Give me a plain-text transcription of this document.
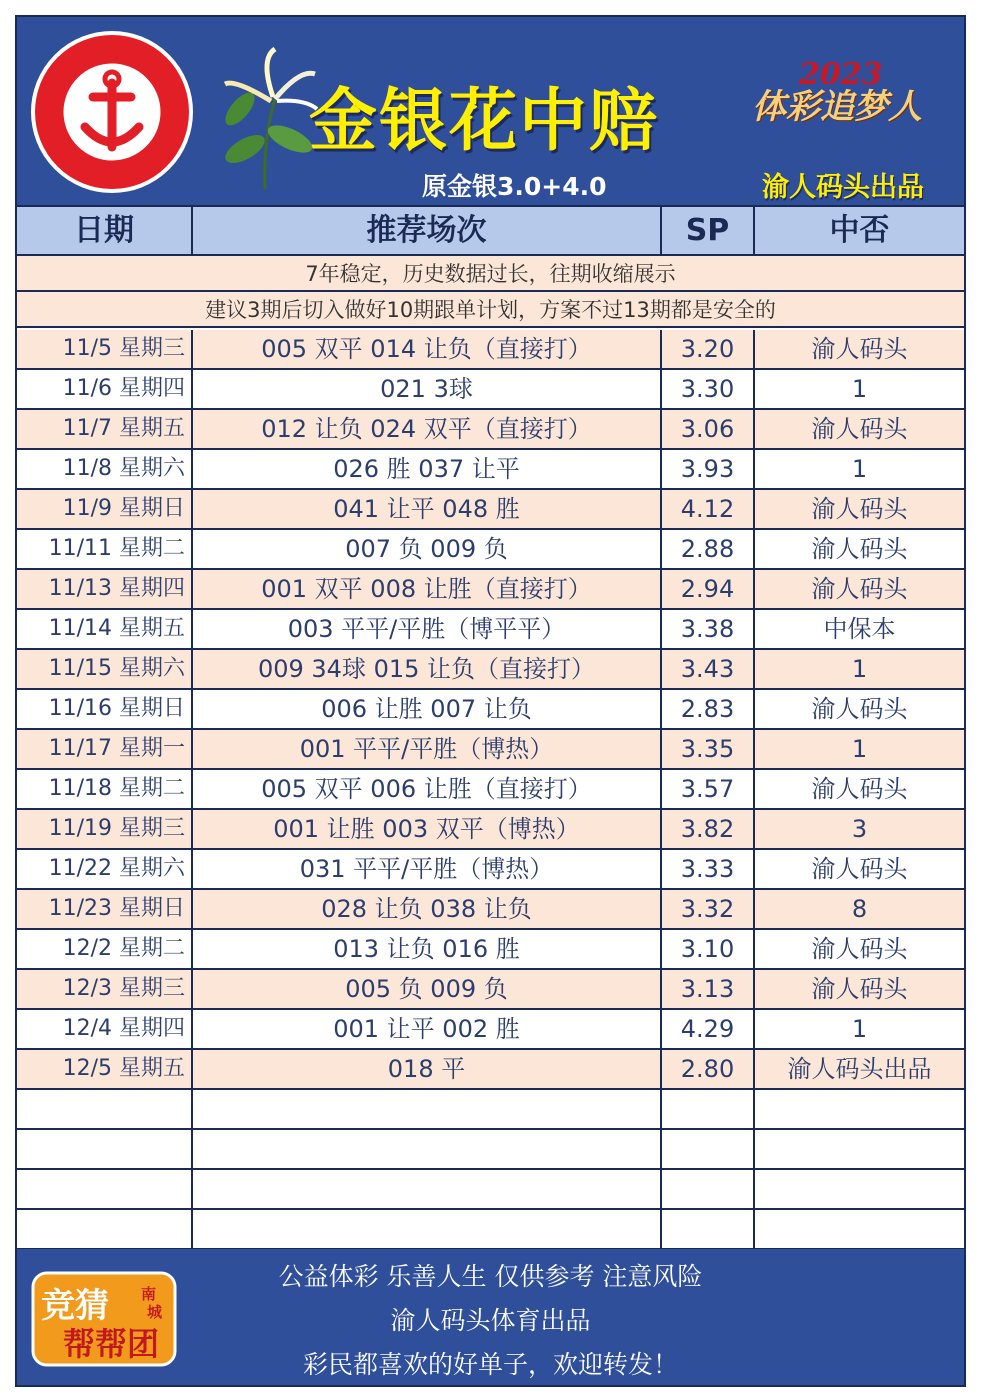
金银花中赔
原金银3.0+4.0
2023
体彩追梦人
渝人码头出品
日期	推荐场次	SP	中否
7年稳定，历史数据过长，往期收缩展示
建议3期后切入做好10期跟单计划，方案不过13期都是安全的
11/5 星期三	005 双平 014 让负（直接打）	3.20	渝人码头
11/6 星期四	021 3球	3.30	1
11/7 星期五	012 让负 024 双平（直接打）	3.06	渝人码头
11/8 星期六	026 胜 037 让平	3.93	1
11/9 星期日	041 让平 048 胜	4.12	渝人码头
11/11 星期二	007 负 009 负	2.88	渝人码头
11/13 星期四	001 双平 008 让胜（直接打）	2.94	渝人码头
11/14 星期五	003 平平/平胜（博平平）	3.38	中保本
11/15 星期六	009 34球 015 让负（直接打）	3.43	1
11/16 星期日	006 让胜 007 让负	2.83	渝人码头
11/17 星期一	001 平平/平胜（博热）	3.35	1
11/18 星期二	005 双平 006 让胜（直接打）	3.57	渝人码头
11/19 星期三	001 让胜 003 双平（博热）	3.82	3
11/22 星期六	031 平平/平胜（博热）	3.33	渝人码头
11/23 星期日	028 让负 038 让负	3.32	8
12/2 星期二	013 让负 016 胜	3.10	渝人码头
12/3 星期三	005 负 009 负	3.13	渝人码头
12/4 星期四	001 让平 002 胜	4.29	1
12/5 星期五	018 平	2.80	渝人码头出品
竞猜
帮帮团
南
城
公益体彩 乐善人生 仅供参考 注意风险
渝人码头体育出品
彩民都喜欢的好单子，欢迎转发！
